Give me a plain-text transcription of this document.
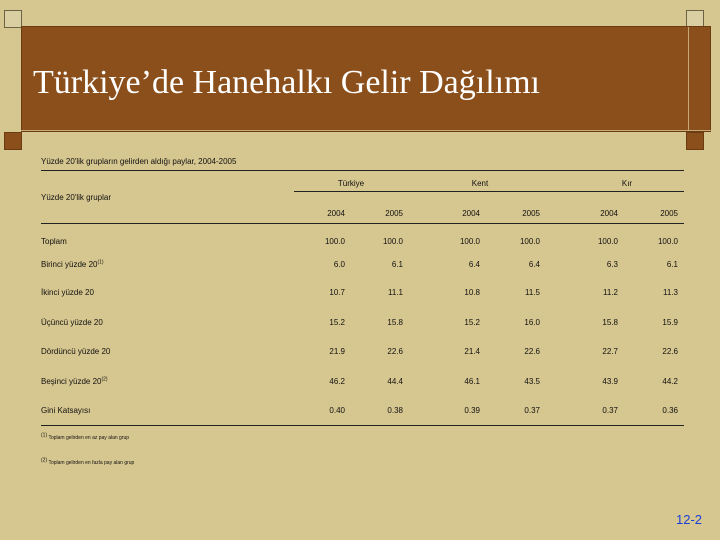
Türkiye’de Hanehalkı Gelir Dağılımı
Yüzde 20'lik grupların gelirden aldığı paylar, 2004-2005
Türkiye	Kent	Kır
Yüzde 20'lik gruplar
2004	2005	2004	2005	2004	2005
Toplam	100.0	100.0	100.0	100.0	100.0	100.0
Birinci yüzde 20$^{(1)}$	6.0	6.1	6.4	6.4	6.3	6.1
İkinci yüzde 20	10.7	11.1	10.8	11.5	11.2	11.3
Üçüncü yüzde 20	15.2	15.8	15.2	16.0	15.8	15.9
Dördüncü yüzde 20	21.9	22.6	21.4	22.6	22.7	22.6
Beşinci yüzde 20$^{(2)}$	46.2	44.4	46.1	43.5	43.9	44.2
Gini Katsayısı	0.40	0.38	0.39	0.37	0.37	0.36
$^{(1)}$ Toplam gelirden en az pay alan grup
$^{(2)}$ Toplam gelirden en fazla pay alan grup
12-2
